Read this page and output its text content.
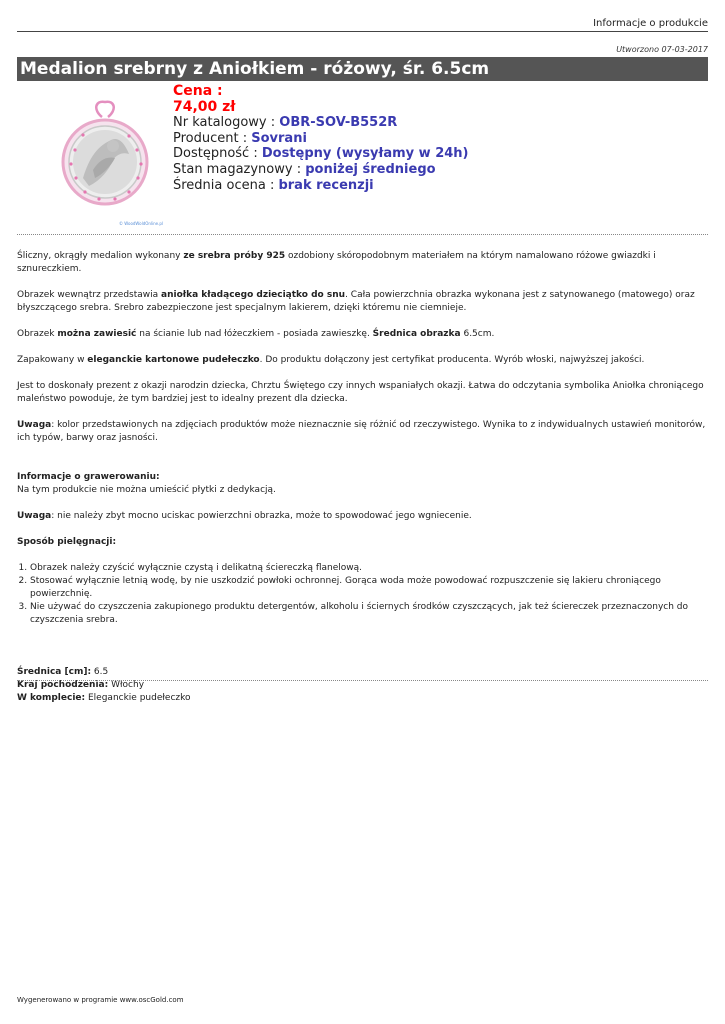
Informacje o produkcie
Utworzono 07-03-2017
Medalion srebrny z Aniołkiem - różowy, śr. 6.5cm
© WoodWoldOnline.pl
Cena :
74,00 zł
Nr katalogowy : OBR-SOV-B552R
Producent : Sovrani
Dostępność : Dostępny (wysyłamy w 24h)
Stan magazynowy : poniżej średniego
Średnia ocena : brak recenzji

Śliczny, okrągły medalion wykonany ze srebra próby 925 ozdobiony skóropodobnym materiałem na którym namalowano różowe gwiazdki i sznureczkiem.

Obrazek wewnątrz przedstawia aniołka kładącego dzieciątko do snu. Cała powierzchnia obrazka wykonana jest z satynowanego (matowego) oraz błyszczącego srebra. Srebro zabezpieczone jest specjalnym lakierem, dzięki któremu nie ciemnieje.

Obrazek można zawiesić na ścianie lub nad łóżeczkiem - posiada zawieszkę. Średnica obrazka 6.5cm.

Zapakowany w eleganckie kartonowe pudełeczko. Do produktu dołączony jest certyfikat producenta. Wyrób włoski, najwyższej jakości.

Jest to doskonały prezent z okazji narodzin dziecka, Chrztu Świętego czy innych wspaniałych okazji. Łatwa do odczytania symbolika Aniołka chroniącego maleństwo powoduje, że tym bardziej jest to idealny prezent dla dziecka.

Uwaga: kolor przedstawionych na zdjęciach produktów może nieznacznie się różnić od rzeczywistego. Wynika to z indywidualnych ustawień monitorów, ich typów, barwy oraz jasności.

Informacje o grawerowaniu:

Na tym produkcie nie można umieścić płytki z dedykacją.

Uwaga: nie należy zbyt mocno uciskac powierzchni obrazka, może to spowodować jego wgniecenie.

Sposób pielęgnacji:

1. Obrazek należy czyścić wyłącznie czystą i delikatną ściereczką flanelową.
2. Stosować wyłącznie letnią wodę, by nie uszkodzić powłoki ochronnej. Gorąca woda może powodować rozpuszczenie się lakieru chroniącego powierzchnię.
3. Nie używać do czyszczenia zakupionego produktu detergentów, alkoholu i ściernych środków czyszczących, jak też ściereczek przeznaczonych do czyszczenia srebra.
Średnica [cm]: 6.5
Kraj pochodzenia: Włochy
W komplecie: Eleganckie pudełeczko
Wygenerowano w programie www.oscGold.com
